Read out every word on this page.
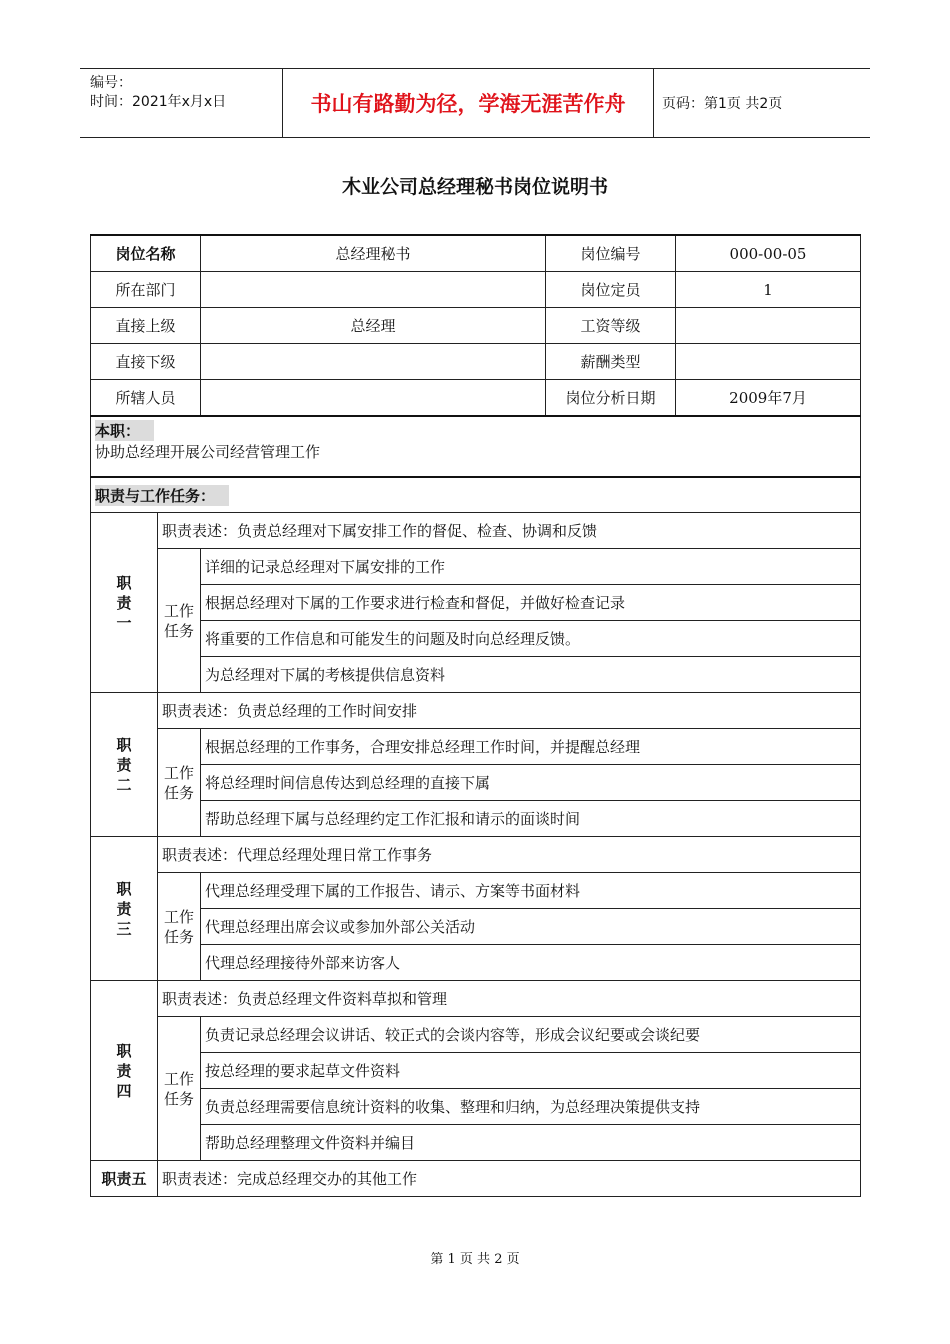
编号：
时间：2021年x月x日	书山有路勤为径，学海无涯苦作舟	页码：第1页 共2页
木业公司总经理秘书岗位说明书
岗位名称		总经理秘书	岗位编号	000-00-05
所在部门			岗位定员	1
直接上级		总经理	工资等级	
直接下级			薪酬类型	
所辖人员			岗位分析日期	2009年7月

本职：
协助总经理开展公司经营管理工作				

职责与工作任务：				
职责一	职责表述：负责总经理对下属安排工作的督促、检查、协调和反馈			
	工作任务	详细的记录总经理对下属安排的工作		
		根据总经理对下属的工作要求进行检查和督促，并做好检查记录		
		将重要的工作信息和可能发生的问题及时向总经理反馈。		
		为总经理对下属的考核提供信息资料		
职责二	职责表述：负责总经理的工作时间安排			
	工作任务	根据总经理的工作事务，合理安排总经理工作时间，并提醒总经理		
		将总经理时间信息传达到总经理的直接下属		
		帮助总经理下属与总经理约定工作汇报和请示的面谈时间		
职责三	职责表述：代理总经理处理日常工作事务			
	工作任务	代理总经理受理下属的工作报告、请示、方案等书面材料		
		代理总经理出席会议或参加外部公关活动		
		代理总经理接待外部来访客人		
职责四	职责表述：负责总经理文件资料草拟和管理			
	工作任务	负责记录总经理会议讲话、较正式的会谈内容等，形成会议纪要或会谈纪要		
		按总经理的要求起草文件资料		
		负责总经理需要信息统计资料的收集、整理和归纳，为总经理决策提供支持		
		帮助总经理整理文件资料并编目		
职责五	职责表述：完成总经理交办的其他工作			
第 1 页 共 2 页
